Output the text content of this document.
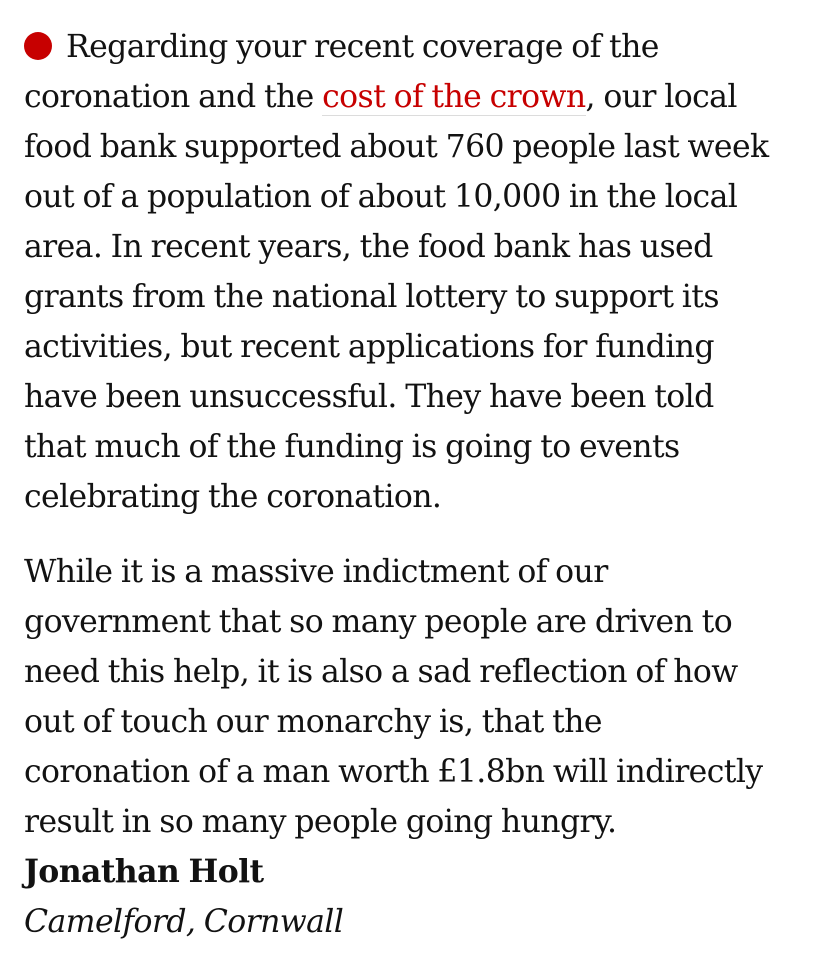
Regarding your recent coverage of the
coronation and the cost of the crown, our local
food bank supported about 760 people last week
out of a population of about 10,000 in the local
area. In recent years, the food bank has used
grants from the national lottery to support its
activities, but recent applications for funding
have been unsuccessful. They have been told
that much of the funding is going to events
celebrating the coronation.

While it is a massive indictment of our
government that so many people are driven to
need this help, it is also a sad reflection of how
out of touch our monarchy is, that the
coronation of a man worth £1.8bn will indirectly
result in so many people going hungry.

Jonathan Holt

Camelford, Cornwall
